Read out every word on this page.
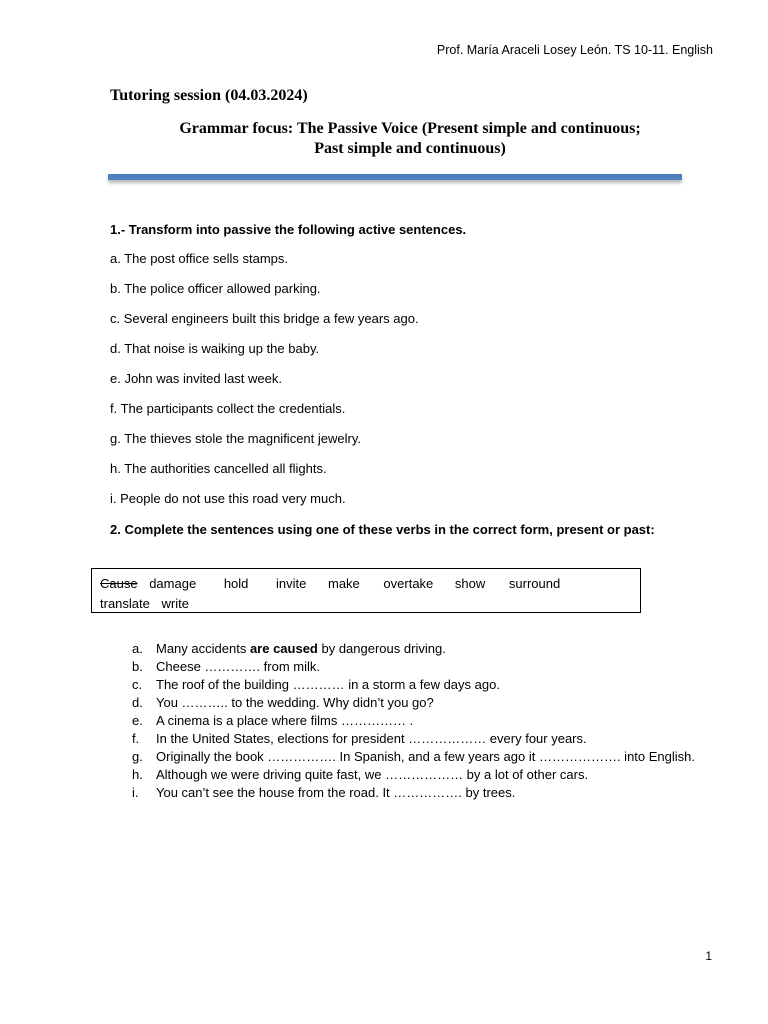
Prof. María Araceli Losey León. TS 10-11. English
Tutoring session (04.03.2024)
Grammar focus: The Passive Voice (Present simple and continuous;
Past simple and continuous)
1.- Transform into passive the following active sentences.
a. The post office sells stamps.
b. The police officer allowed parking.
c. Several engineers built this bridge a few years ago.
d. That noise is waiking up the baby.
e. John was invited last week.
f. The participants collect the credentials.
g. The thieves stole the magnificent jewelry.
h. The authorities cancelled all flights.
i. People do not use this road very much.
2. Complete the sentences using one of these verbs in the correct form, present or past:
Cause damage hold invite make overtake show surround
translate write
a. Many accidents are caused by dangerous driving.
b. Cheese …………. from milk.
c. The roof of the building ………… in a storm a few days ago.
d. You ……….. to the wedding. Why didn’t you go?
e. A cinema is a place where films …………… .
f. In the United States, elections for president ……………… every four years.
g. Originally the book ……………. In Spanish, and a few years ago it ………………. into English.
h. Although we were driving quite fast, we ……………… by a lot of other cars.
i. You can’t see the house from the road. It ……………. by trees.
1
